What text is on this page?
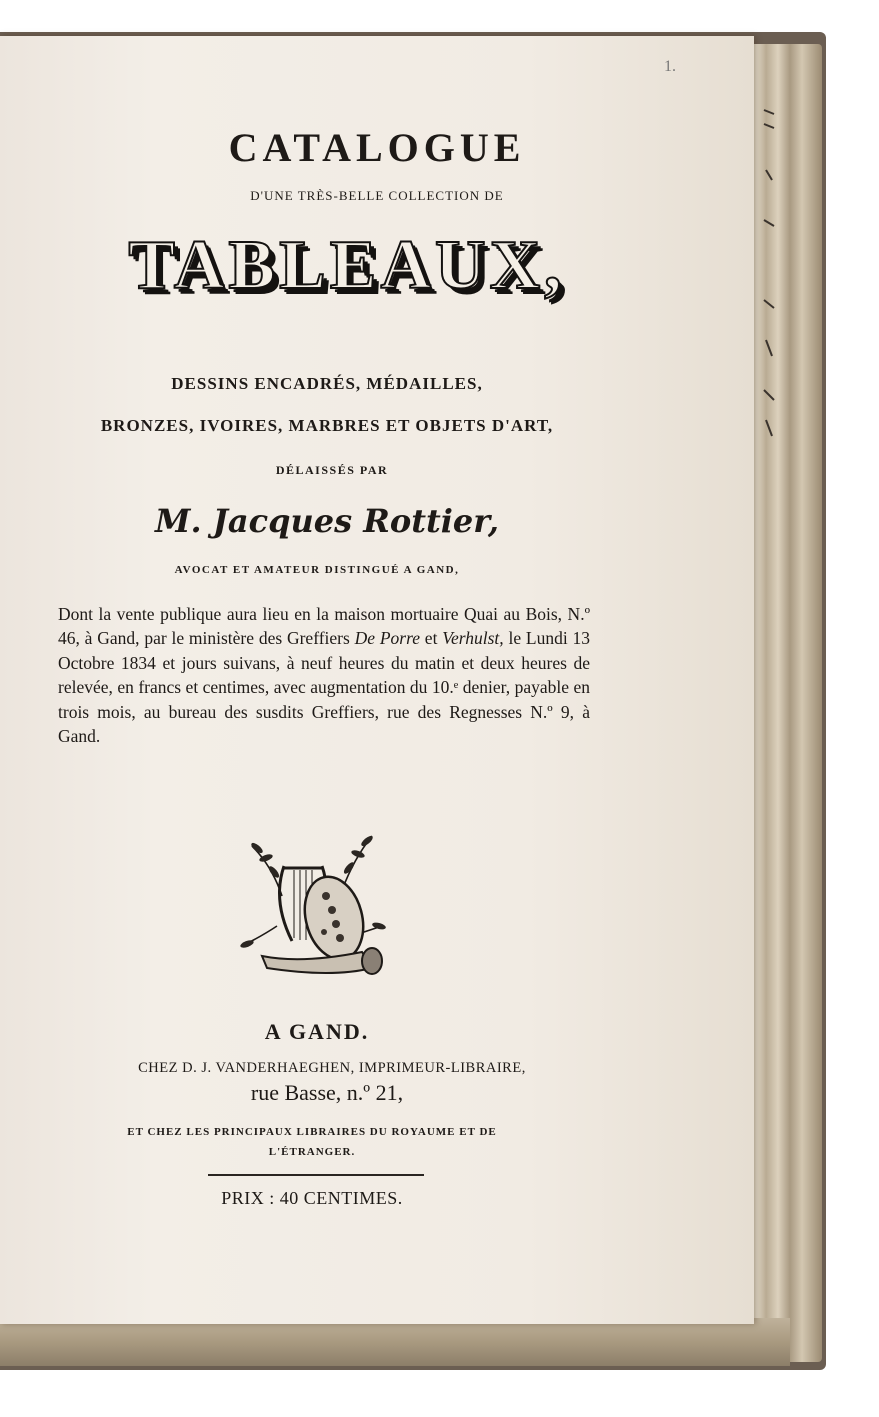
1.
CATALOGUE

D'UNE TRÈS-BELLE COLLECTION DE

TABLEAUX,

DESSINS ENCADRÉS, MÉDAILLES,

BRONZES, IVOIRES, MARBRES ET OBJETS D'ART,

DÉLAISSÉS PAR

M. Jacques Rottier,

AVOCAT ET AMATEUR DISTINGUÉ A GAND,

Dont la vente publique aura lieu en la maison mortuaire Quai au Bois, N.º 46, à Gand, par le ministère des Greffiers De Porre et Verhulst, le Lundi 13 Octobre 1834 et jours suivans, à neuf heures du matin et deux heures de relevée, en francs et centimes, avec augmentation du 10.ᵉ denier, payable en trois mois, au bureau des susdits Greffiers, rue des Regnesses N.º 9, à Gand.

A GAND.

CHEZ D. J. VANDERHAEGHEN, IMPRIMEUR-LIBRAIRE,

rue Basse, n.º 21,

ET CHEZ LES PRINCIPAUX LIBRAIRES DU ROYAUME ET DE L'ÉTRANGER.

PRIX : 40 CENTIMES.
